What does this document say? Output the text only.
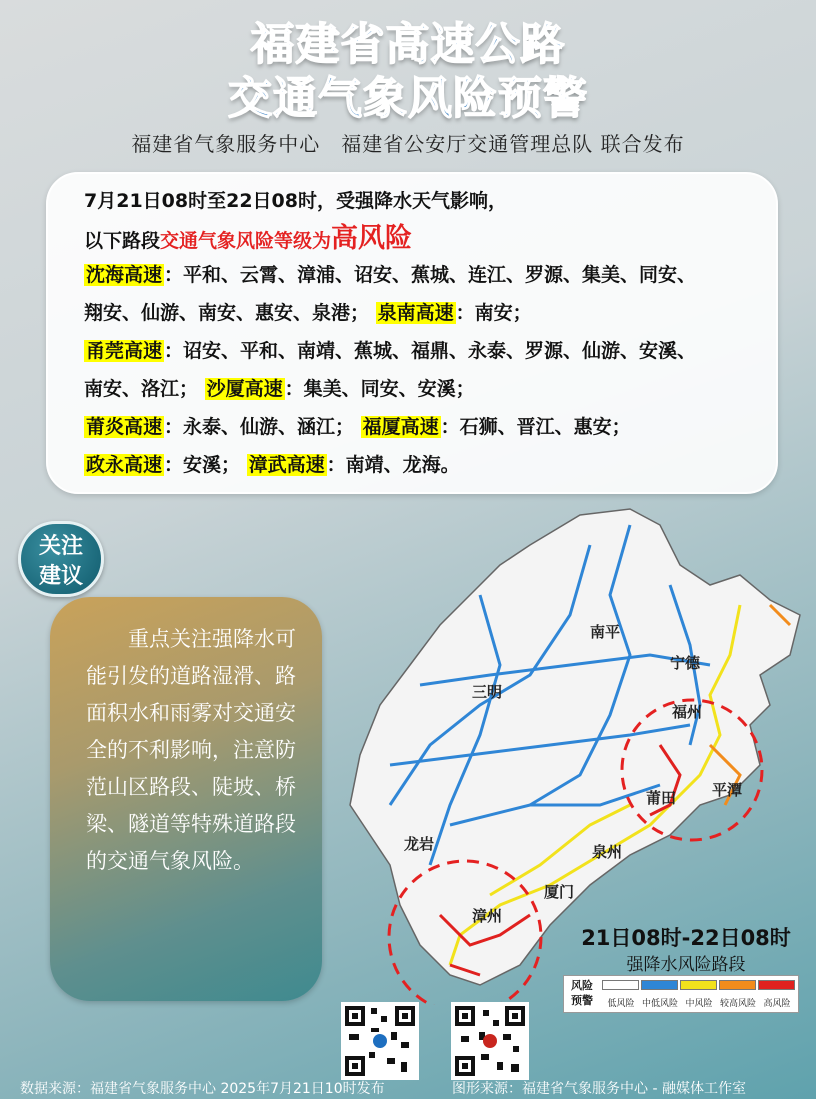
福建省高速公路
交通气象风险预警
福建省气象服务中心　福建省公安厅交通管理总队 联合发布
7月21日08时至22日08时，受强降水天气影响，
以下路段交通气象风险等级为高风险
沈海高速 ：平和、云霄、漳浦、诏安、蕉城、连江、罗源、集美、同安、
翔安、仙游、南安、惠安、泉港； 泉南高速 ：南安；
甬莞高速 ：诏安、平和、南靖、蕉城、福鼎、永泰、罗源、仙游、安溪、
南安、洛江； 沙厦高速 ：集美、同安、安溪；
莆炎高速 ：永泰、仙游、涵江； 福厦高速 ：石狮、晋江、惠安；
政永高速 ：安溪； 漳武高速 ：南靖、龙海。
关注
建议
重点关注强降水可能引发的道路湿滑、路面积水和雨雾对交通安全的不利影响，注意防范山区路段、陡坡、桥梁、隧道等特殊道路段的交通气象风险。
南平
宁德
三明
福州
莆田 平潭
泉州
龙岩
漳州
厦门
21日08时-22日08时
强降水风险路段
风险预警	低风险 中低风险 中风险 较高风险 高风险
数据来源：福建省气象服务中心 2025年7月21日10时发布	图形来源：福建省气象服务中心 - 融媒体工作室
